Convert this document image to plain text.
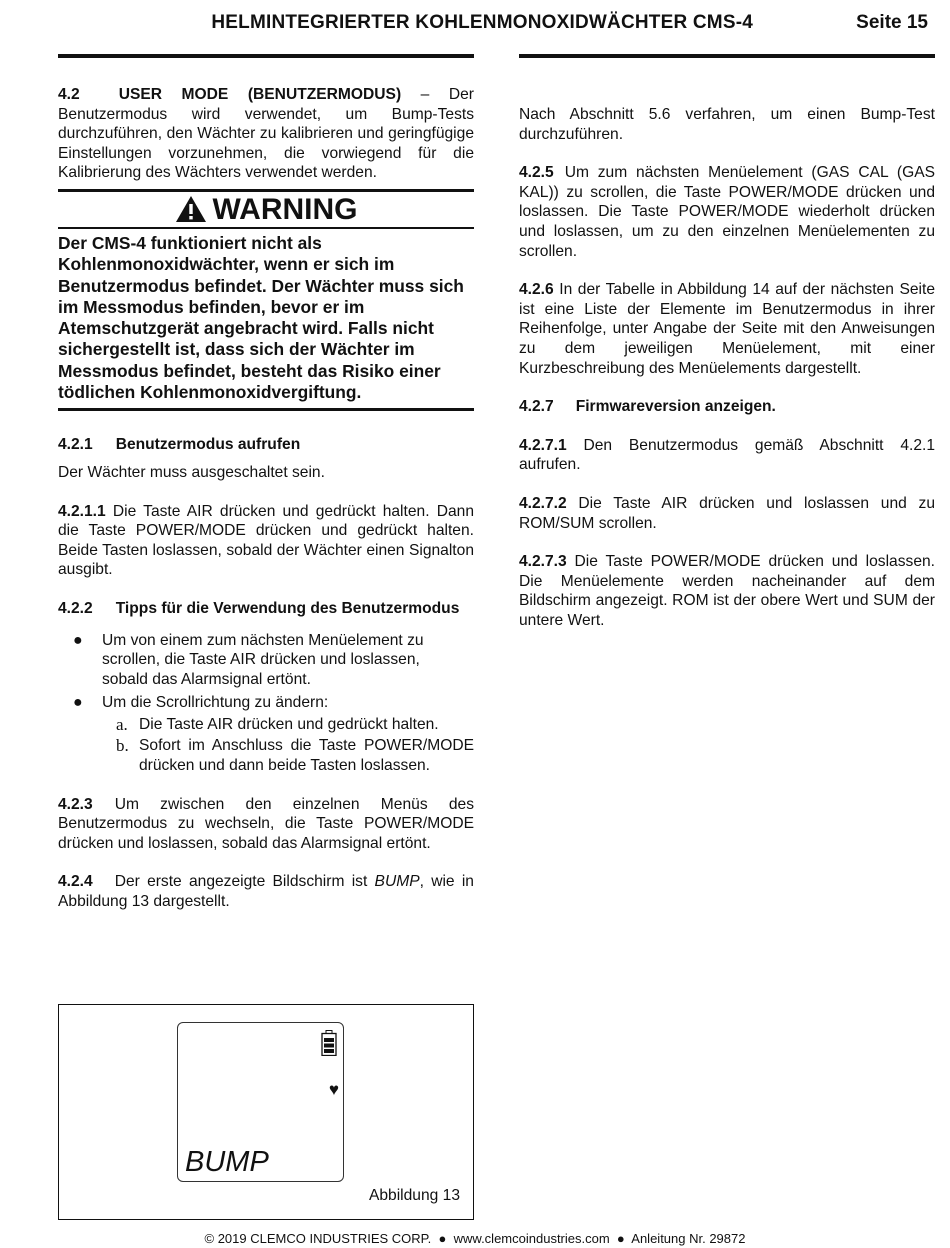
HELMINTEGRIERTER KOHLENMONOXIDWÄCHTER CMS-4	Seite 15

4.2	USER MODE (BENUTZERMODUS) – Der Benutzermodus wird verwendet, um Bump-Tests durchzuführen, den Wächter zu kalibrieren und geringfügige Einstellungen vorzunehmen, die vorwiegend für die Kalibrierung des Wächters verwendet werden.

WARNING
Der CMS-4 funktioniert nicht als Kohlenmonoxidwächter, wenn er sich im Benutzermodus befindet. Der Wächter muss sich im Messmodus befinden, bevor er im Atemschutzgerät angebracht wird. Falls nicht sichergestellt ist, dass sich der Wächter im Messmodus befindet, besteht das Risiko einer tödlichen Kohlenmonoxidvergiftung.

4.2.1 Benutzermodus aufrufen

Der Wächter muss ausgeschaltet sein.

4.2.1.1 Die Taste AIR drücken und gedrückt halten. Dann die Taste POWER/MODE drücken und gedrückt halten. Beide Tasten loslassen, sobald der Wächter einen Signalton ausgibt.

4.2.2 Tipps für die Verwendung des Benutzermodus

●	Um von einem zum nächsten Menüelement zu scrollen, die Taste AIR drücken und loslassen, sobald das Alarmsignal ertönt.
●	Um die Scrollrichtung zu ändern:
a. Die Taste AIR drücken und gedrückt halten.
b. Sofort im Anschluss die Taste POWER/MODE drücken und dann beide Tasten loslassen.

4.2.3 Um zwischen den einzelnen Menüs des Benutzermodus zu wechseln, die Taste POWER/MODE drücken und loslassen, sobald das Alarmsignal ertönt.

4.2.4 Der erste angezeigte Bildschirm ist BUMP, wie in Abbildung 13 dargestellt.

♥
BUMP
Abbildung 13

Nach Abschnitt 5.6 verfahren, um einen Bump-Test durchzuführen.

4.2.5 Um zum nächsten Menüelement (GAS CAL (GAS KAL)) zu scrollen, die Taste POWER/MODE drücken und loslassen. Die Taste POWER/MODE wiederholt drücken und loslassen, um zu den einzelnen Menüelementen zu scrollen.

4.2.6 In der Tabelle in Abbildung 14 auf der nächsten Seite ist eine Liste der Elemente im Benutzermodus in ihrer Reihenfolge, unter Angabe der Seite mit den Anweisungen zu dem jeweiligen Menüelement, mit einer Kurzbeschreibung des Menüelements dargestellt.

4.2.7 Firmwareversion anzeigen.

4.2.7.1 Den Benutzermodus gemäß Abschnitt 4.2.1 aufrufen.

4.2.7.2 Die Taste AIR drücken und loslassen und zu ROM/SUM scrollen.

4.2.7.3 Die Taste POWER/MODE drücken und loslassen. Die Menüelemente werden nacheinander auf dem Bildschirm angezeigt. ROM ist der obere Wert und SUM der untere Wert.

© 2019 CLEMCO INDUSTRIES CORP.  ●  www.clemcoindustries.com  ●  Anleitung Nr. 29872
